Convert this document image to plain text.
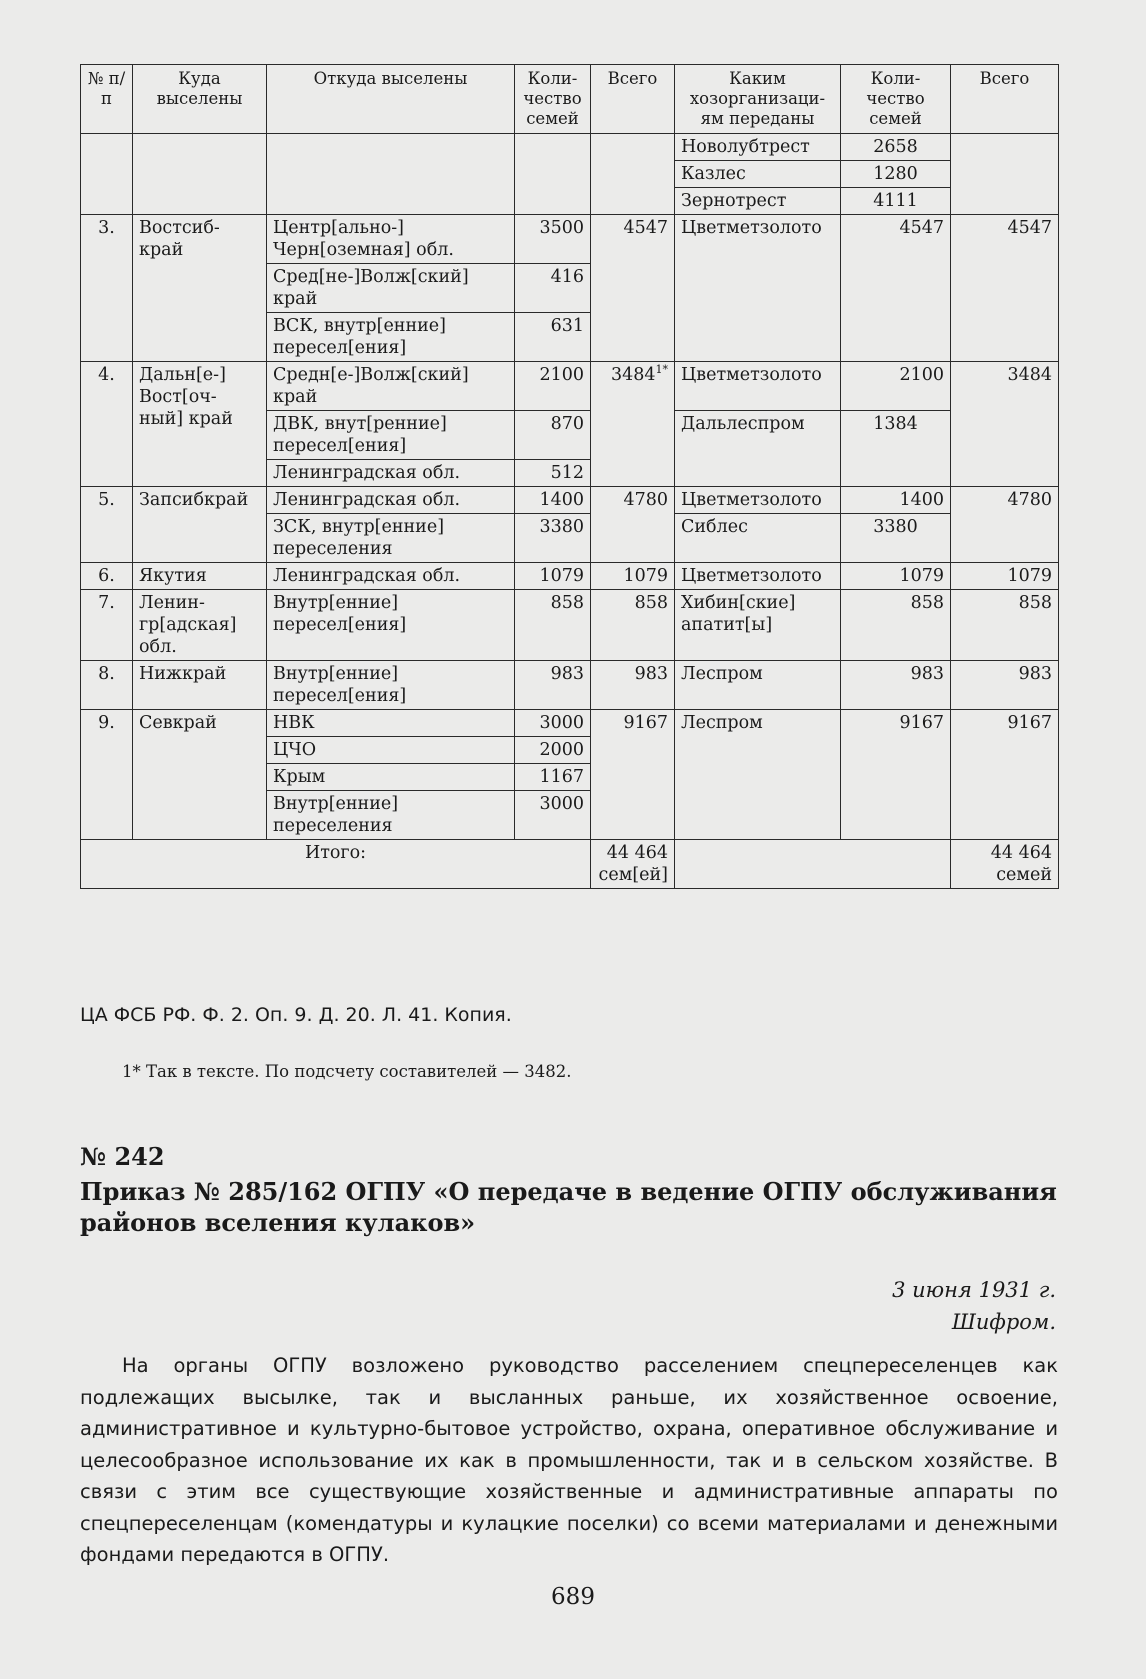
№ п/п	Куда выселены	Откуда выселены	Коли-чество семей	Всего	Каким хозорганизаци-ям переданы	Коли-чество семей	Всего
					Новолубтрест	2658	
					Казлес	1280	
					Зернотрест	4111	
3.	Востсиб-край	Центр[ально-] Черн[оземная] обл.	3500	4547	Цветметзолото	4547	4547
		Сред[не-]Волж[ский] край	416				
		ВСК, внутр[енние] пересел[ения]	631				
4.	Дальн[е-] Вост[оч-ный] край	Средн[е-]Волж[ский] край	2100	$3484^{1*}$	Цветметзолото	2100	3484
		ДВК, внут[ренние] пересел[ения]	870		Дальлеспром	1384	
		Ленинградская обл.	512				
5.	Запсибкрай	Ленинградская обл.	1400	4780	Цветметзолото	1400	4780
		ЗСК, внутр[енние] переселения	3380		Сиблес	3380	
6.	Якутия	Ленинградская обл.	1079	1079	Цветметзолото	1079	1079
7.	Ленин-гр[адская] обл.	Внутр[енние] пересел[ения]	858	858	Хибин[ские] апатит[ы]	858	858
8.	Нижкрай	Внутр[енние] пересел[ения]	983	983	Леспром	983	983
9.	Севкрай	НВК	3000	9167	Леспром	9167	9167
		ЦЧО	2000				
		Крым	1167				
		Внутр[енние] переселения	3000				
Итого:				44 464 сем[ей]			44 464 семей
ЦА ФСБ РФ. Ф. 2. Оп. 9. Д. 20. Л. 41. Копия.
1* Так в тексте. По подсчету составителей — 3482.
№ 242
Приказ № 285/162 ОГПУ «О передаче в ведение ОГПУ обслуживания районов вселения кулаков»
3 июня 1931 г.
Шифром.
На органы ОГПУ возложено руководство расселением спецпереселенцев как подлежащих высылке, так и высланных раньше, их хозяйственное освоение, административное и культурно-бытовое устройство, охрана, оперативное обслуживание и целесообразное использование их как в промышленности, так и в сельском хозяйстве. В связи с этим все существующие хозяйственные и административные аппараты по спецпереселенцам (комендатуры и кулацкие поселки) со всеми материалами и денежными фондами передаются в ОГПУ.
689
